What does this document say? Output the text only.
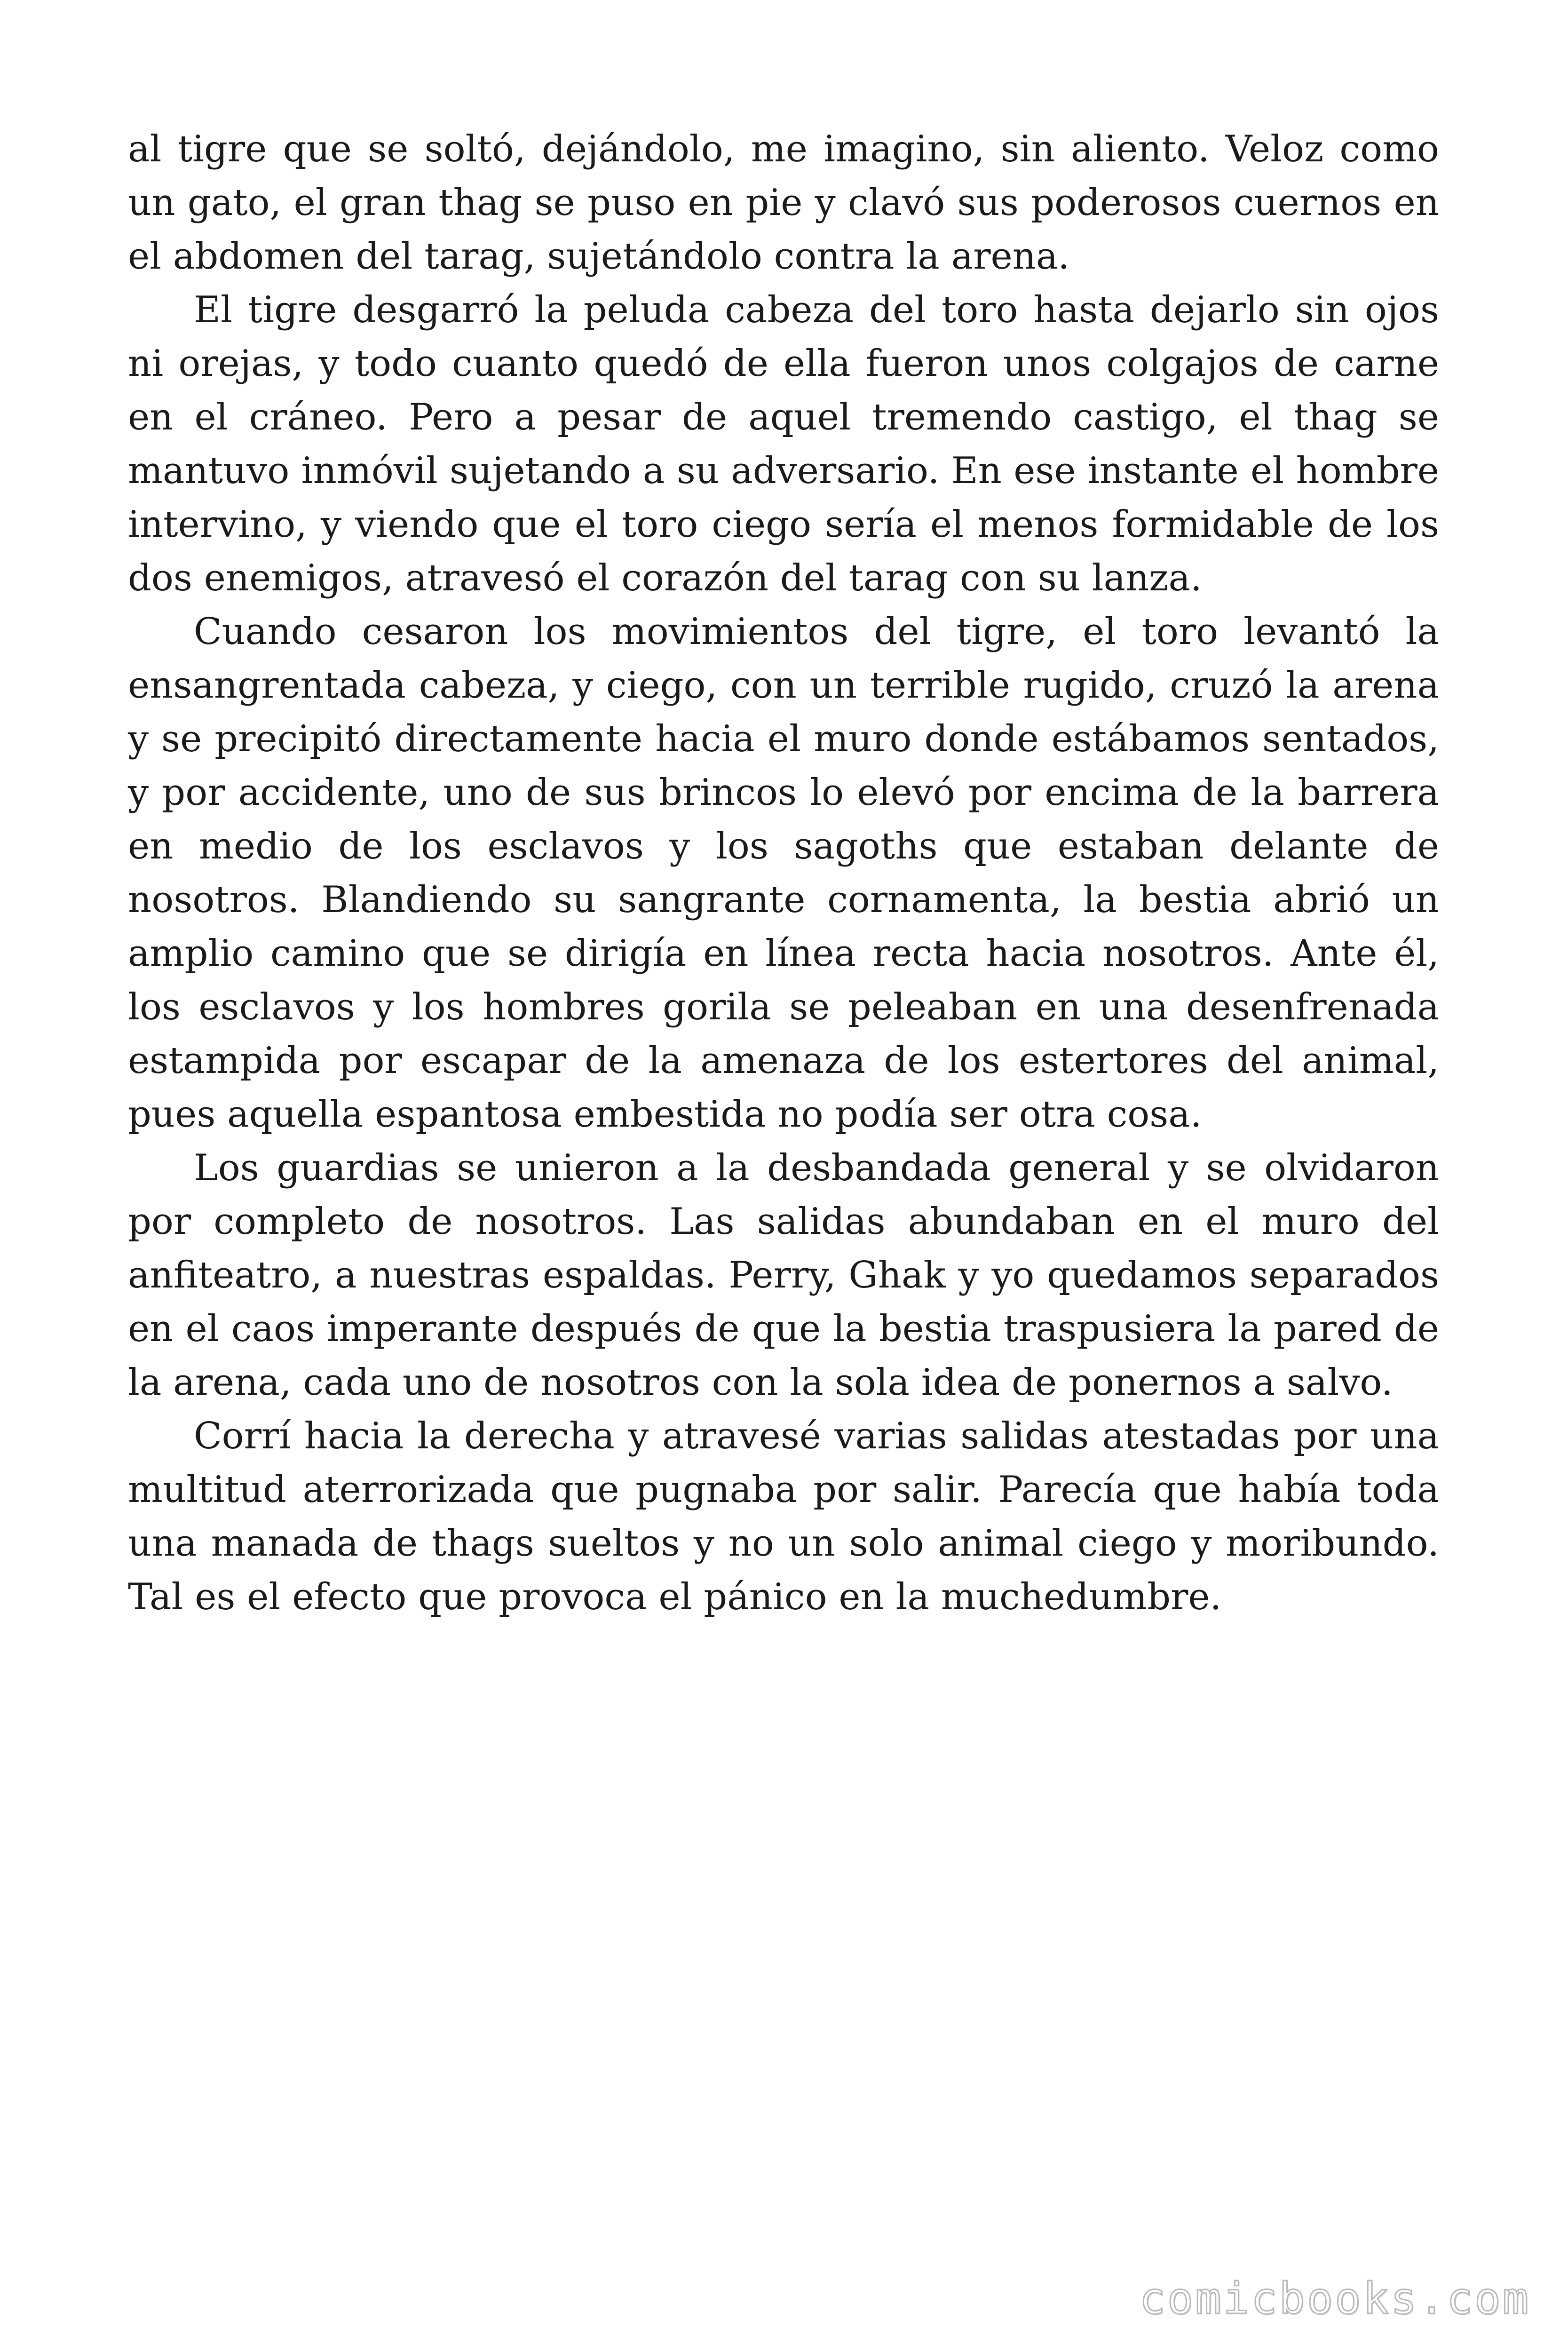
al tigre que se soltó, dejándolo, me imagino, sin aliento. Veloz como un gato, el gran thag se puso en pie y clavó sus poderosos cuernos en el abdomen del tarag, sujetándolo contra la arena.

El tigre desgarró la peluda cabeza del toro hasta dejarlo sin ojos ni orejas, y todo cuanto quedó de ella fueron unos colgajos de carne en el cráneo. Pero a pesar de aquel tremendo castigo, el thag se mantuvo inmóvil sujetando a su adversario. En ese instante el hombre intervino, y viendo que el toro ciego sería el menos formidable de los dos enemigos, atravesó el corazón del tarag con su lanza.

Cuando cesaron los movimientos del tigre, el toro levantó la ensangrentada cabeza, y ciego, con un terrible rugido, cruzó la arena y se precipitó directamente hacia el muro donde estábamos sentados, y por accidente, uno de sus brincos lo elevó por encima de la barrera en medio de los esclavos y los sagoths que estaban delante de nosotros. Blandiendo su sangrante cornamenta, la bestia abrió un amplio camino que se dirigía en línea recta hacia nosotros. Ante él, los esclavos y los hombres gorila se peleaban en una desenfrenada estampida por escapar de la amenaza de los estertores del animal, pues aquella espantosa embestida no podía ser otra cosa.

Los guardias se unieron a la desbandada general y se olvidaron por completo de nosotros. Las salidas abundaban en el muro del anfiteatro, a nuestras espaldas. Perry, Ghak y yo quedamos separados en el caos imperante después de que la bestia traspusiera la pared de la arena, cada uno de nosotros con la sola idea de ponernos a salvo.

Corrí hacia la derecha y atravesé varias salidas atestadas por una multitud aterrorizada que pugnaba por salir. Parecía que había toda una manada de thags sueltos y no un solo animal ciego y moribundo. Tal es el efecto que provoca el pánico en la muchedumbre.

comicbooks.com
